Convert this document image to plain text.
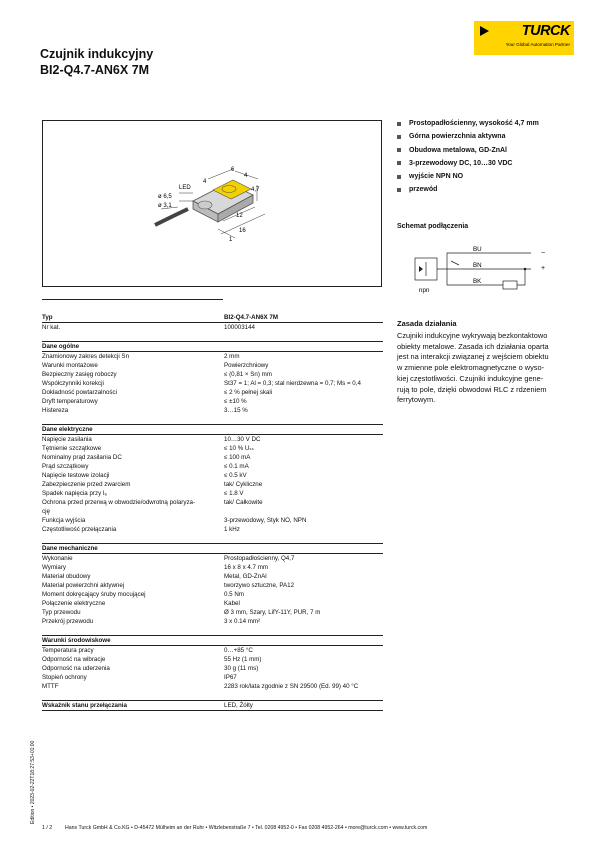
Czujnik indukcyjny
BI2-Q4.7-AN6X 7M
TURCK
Your Global Automation Partner
LED
4
6
4
4,7
12
16
1
ø 6,5
ø 3,1
Prostopadłościenny, wysokość 4,7 mm
Górna powierzchnia aktywna
Obudowa metalowa, GD-ZnAl
3-przewodowy DC, 10…30 VDC
wyjście NPN NO
przewód
Schemat podłączenia
BU
BN
BK
−
+
npn
Zasada działania
Czujniki indukcyjne wykrywają bezkontaktowo
obiekty metalowe. Zasada ich działania oparta
jest na interakcji związanej z wejściem obiektu
w zmienne pole elektromagnetyczne o wyso-
kiej częstotliwości. Czujniki indukcyjne gene-
rują to pole, dzięki obwodowi RLC z rdzeniem
ferrytowym.
Typ	BI2-Q4.7-AN6X 7M
Nr kat.	100003144
Dane ogólne
Znamionowy zakres detekcji Sn	2 mm
Warunki montażowe	Powierzchniowy
Bezpieczny zasięg roboczy	≤ (0,81 × Sn) mm
Współczynniki korekcji	St37 = 1; Al = 0,3; stal nierdzewna = 0,7; Ms = 0,4
Dokładność powtarzalności	≤ 2 % pełnej skali
Dryft temperaturowy	≤ ±10 %
Histereza	3…15 %
Dane elektryczne
Napięcie zasilania	10…30 V DC
Tętnienie szczątkowe	≤ 10 % Uₛₛ
Nominalny prąd zasilania DC	≤ 100 mA
Prąd szczątkowy	≤ 0.1 mA
Napięcie testowe izolacji	≤ 0.5 kV
Zabezpieczenie przed zwarciem	tak/ Cykliczne
Spadek napięcia przy Iₑ	≤ 1.8 V
Ochrona przed przerwą w obwodzie/odwrotną polaryza-	tak/ Całkowite
cję
Funkcja wyjścia	3-przewodowy, Styk NO, NPN
Częstotliwość przełączania	1 kHz
Dane mechaniczne
Wykonanie	Prostopadłościenny, Q4,7
Wymiary	16 x 8 x 4.7 mm
Materiał obudowy	Metal, GD-ZnAl
Materiał powierzchni aktywnej	tworzywo sztuczne, PA12
Moment dokręcający śruby mocującej	0.5 Nm
Połączenie elektryczne	Kabel
Typ przewodu	Ø 3 mm, Szary, LifY-11Y, PUR, 7 m
Przekrój przewodu	3 x 0.14 mm²
Warunki środowiskowe
Temperatura pracy	0…+85 °C
Odporność na wibracje	55 Hz (1 mm)
Odporność na uderzenia	30 g (11 ms)
Stopień ochrony	IP67
MTTF	2283 rok/lata zgodnie z SN 29500 (Ed. 99) 40 °C
Wskaźnik stanu przełączania	LED, Żółty
1 / 2 Hans Turck GmbH & Co.KG • D-45472 Mülheim an der Ruhr • Witzlebenstraße 7 • Tel. 0208 4952-0 • Fax 0208 4952-264 • more@turck.com • www.turck.com
Edition • 2023-02-22T18:27:53+01:00
